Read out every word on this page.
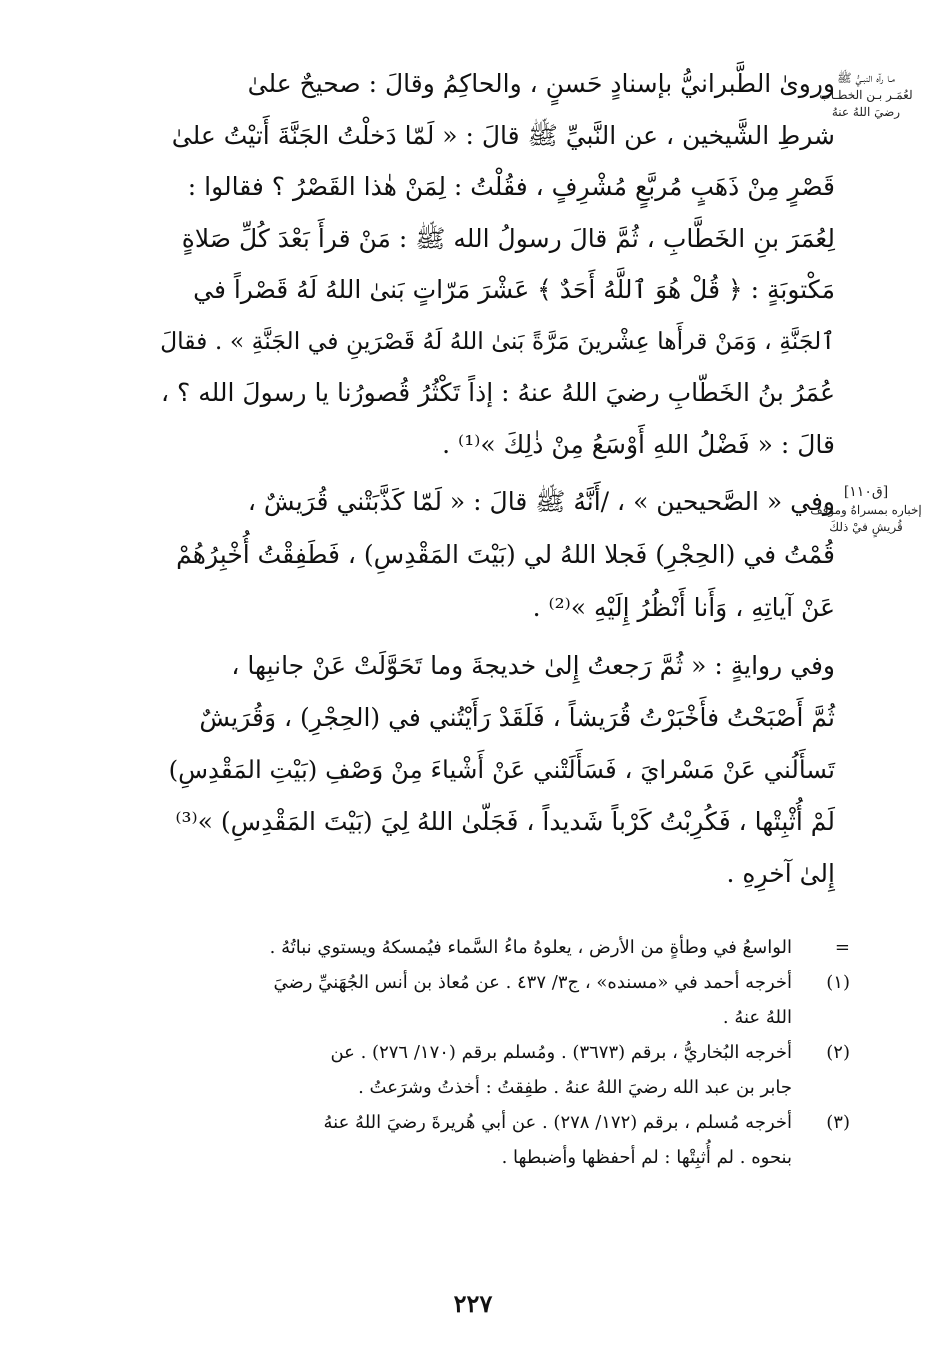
مـا رآه النبـيُّ ﷺ
لعُمَـر بـن الخطـاب
رضيَ اللهُ عنهُ
وروىٰ الطَّبرانيُّ بإسنادٍ حَسنٍ ، والحاكِمُ وقالَ : صحيحٌ علىٰ
شرطِ الشَّيخين ، عن النَّبيِّ ﷺ قالَ : « لَمّا دَخلْتُ الجَنَّةَ أَتيْتُ علىٰ
قَصْرٍ مِنْ ذَهَبٍ مُربَّعٍ مُشْرِفٍ ، فقُلْتُ : لِمَنْ هٰذا القَصْرُ ؟ فقالوا :
لِعُمَرَ بنِ الخَطَّابِ ، ثُمَّ قالَ رسولُ الله ﷺ : مَنْ قرأَ بَعْدَ كُلِّ صَلاةٍ
مَكْتوبَةٍ : ﴿ قُلْ هُوَ ٱللَّهُ أَحَدٌ ﴾ عَشْرَ مَرّاتٍ بَنىٰ اللهُ لَهُ قَصْراً في
ٱلجَنَّةِ ، وَمَنْ قرأَها عِشْرينَ مَرَّةً بَنىٰ اللهُ لَهُ قَصْرَينِ في الجَنَّةِ » . فقالَ
عُمَرُ بنُ الخَطّابِ رضيَ اللهُ عنهُ : إذاً تَكْثُرُ قُصورُنا يا رسولَ الله ؟ ،
قالَ : « فَضْلُ اللهِ أَوْسَعُ مِنْ ذٰلِكَ »⁽¹⁾ .
[ق١١٠]
إخباره بمسراهُ وموقف
قُريشٍ فيْ ذلكَ
وفي « الصَّحيحين » ، /أَنَّهُ ﷺ قالَ : « لَمّا كَذَّبَتْني قُرَيشٌ ،
قُمْتُ في (الحِجْرِ) فَجلا اللهُ لي (بَيْتَ المَقْدِسِ) ، فَطَفِقْتُ أُخْبِرُهُمْ
عَنْ آياتِهِ ، وَأَنا أَنْظُرُ إِلَيْهِ »⁽²⁾ .
وفي روايةٍ : « ثُمَّ رَجعتُ إِلىٰ خديجةَ وما تَحَوَّلَتْ عَنْ جانبِها ،
ثُمَّ أَصْبَحْتُ فأَخْبَرْتُ قُرَيشاً ، فَلَقَدْ رَأَيْتُني في (الحِجْرِ) ، وَقُرَيشٌ
تَسأَلُني عَنْ مَسْرايَ ، فَسَأَلَتْني عَنْ أَشْياءَ مِنْ وَصْفِ (بَيْتِ المَقْدِسِ)
لَمْ أُثْبِتْها ، فَكُرِبْتُ كَرْباً شَديداً ، فَجَلّىٰ اللهُ لِيَ (بَيْتَ المَقْدِسِ) »⁽³⁾
إِلىٰ آخرِهِ .
=
الواسعُ في وطأةٍ من الأرض ، يعلوهُ ماءُ السَّماء فيُمسكهُ ويستوي نباتُهُ .
(١)
أخرجه أحمد في «مسنده» ، ج٣/ ٤٣٧ . عن مُعاذ بن أنس الجُهَنيِّ رضيَ
اللهُ عنهُ .
(٢)
أخرجه البُخاريُّ ، برقم (٣٦٧٣) . ومُسلم برقم (١٧٠/ ٢٧٦) . عن
جابر بن عبد الله رضيَ اللهُ عنهُ . طفِقتُ : أخذتُ وشرَعتُ .
(٣)
أخرجه مُسلم ، برقم (١٧٢/ ٢٧٨) . عن أبي هُريرةَ رضيَ اللهُ عنهُ
بنحوه . لم أُثبِتْها : لم أحفظها وأضبطها .
٢٢٧
